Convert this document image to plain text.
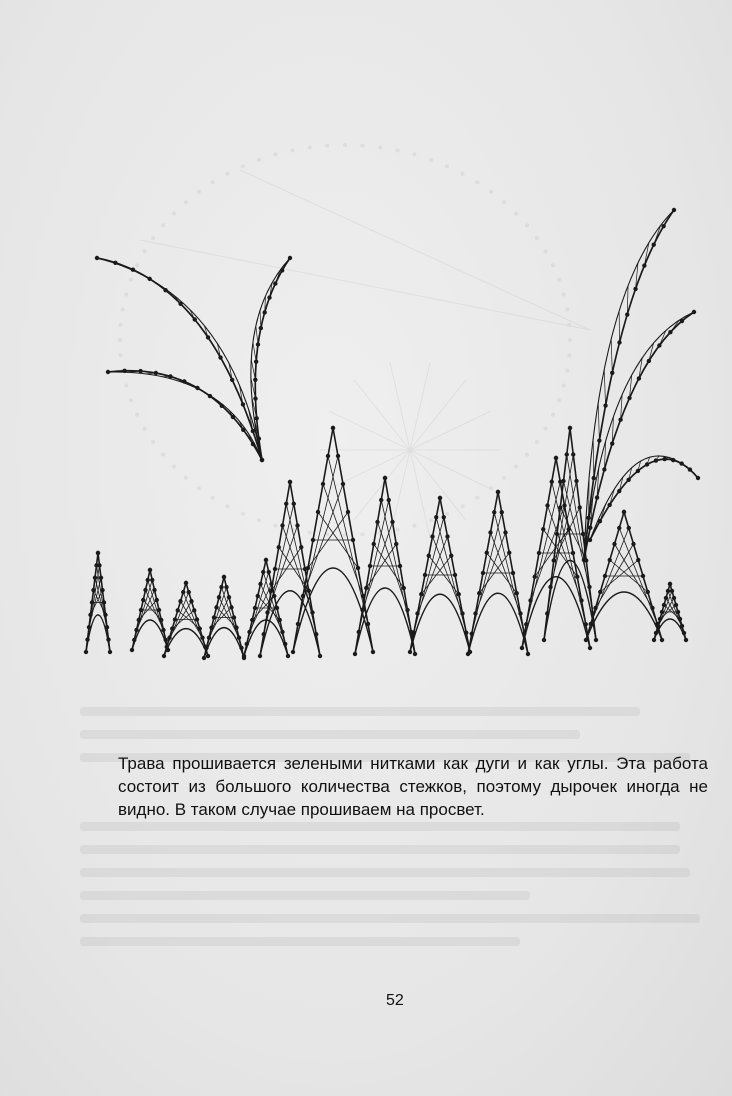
Трава прошивается зелеными нитками как дуги и как углы. Эта работа состоит из большого количества стежков, поэтому дырочек иногда не видно. В таком случае прошиваем на просвет.
52
